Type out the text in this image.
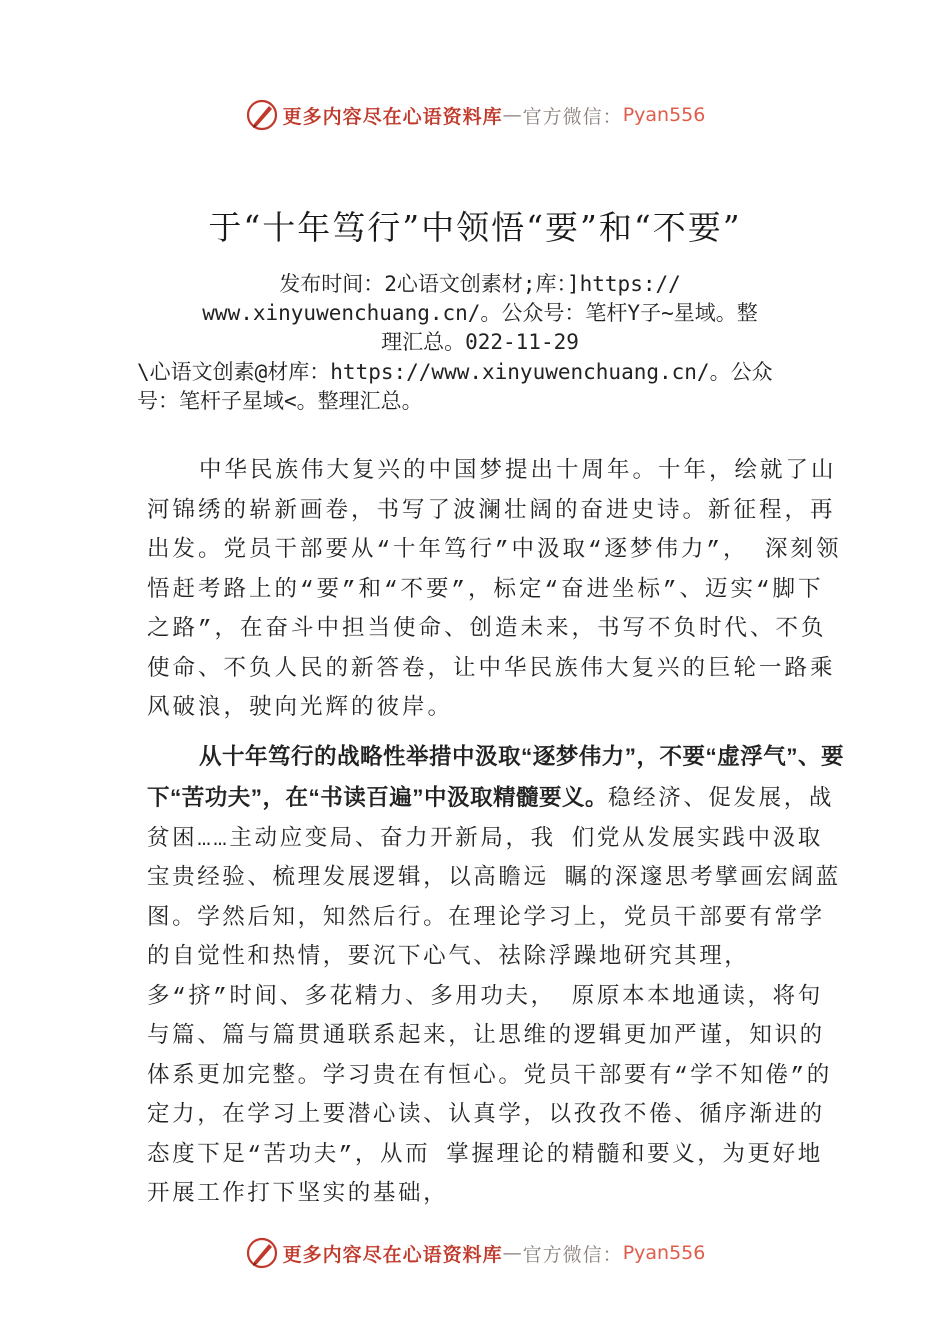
更多内容尽在心语资料库 — 官方微信： Pyan556
于“十年笃行”中领悟“要”和“不要”
发布时间：2心语文创素材;库：]https://
www.xinyuwenchuang.cn/。公众号：笔杆Y子~星域。整
理汇总。022-11-29
\心语文创素@材库：https://www.xinyuwenchuang.cn/。公众
号：笔杆子星域<。整理汇总。

中华民族伟大复兴的中国梦提出十周年。十年，绘就了山河锦绣的崭新画卷，书写了波澜壮阔的奋进史诗。新征程，再出发。党员干部要从“十年笃行”中汲取“逐梦伟力”， 深刻领悟赶考路上的“要”和“不要”，标定“奋进坐标”、迈实“脚下之路”，在奋斗中担当使命、创造未来，书写不负时代、不负使命、不负人民的新答卷，让中华民族伟大复兴的巨轮一路乘风破浪，驶向光辉的彼岸。

从十年笃行的战略性举措中汲取“逐梦伟力”，不要“虚浮气”、要下“苦功夫”，在“书读百遍”中汲取精髓要义。稳经济、促发展，战贫困……主动应变局、奋力开新局，我 们党从发展实践中汲取宝贵经验、梳理发展逻辑，以高瞻远 瞩的深邃思考擘画宏阔蓝图。学然后知，知然后行。在理论学习上，党员干部要有常学的自觉性和热情，要沉下心气、祛除浮躁地研究其理，多“挤”时间、多花精力、多用功夫， 原原本本地通读，将句与篇、篇与篇贯通联系起来，让思维的逻辑更加严谨，知识的体系更加完整。学习贵在有恒心。党员干部要有“学不知倦”的定力，在学习上要潜心读、认真学，以孜孜不倦、循序渐进的态度下足“苦功夫”，从而 掌握理论的精髓和要义，为更好地开展工作打下坚实的基础，

更多内容尽在心语资料库 — 官方微信： Pyan556
